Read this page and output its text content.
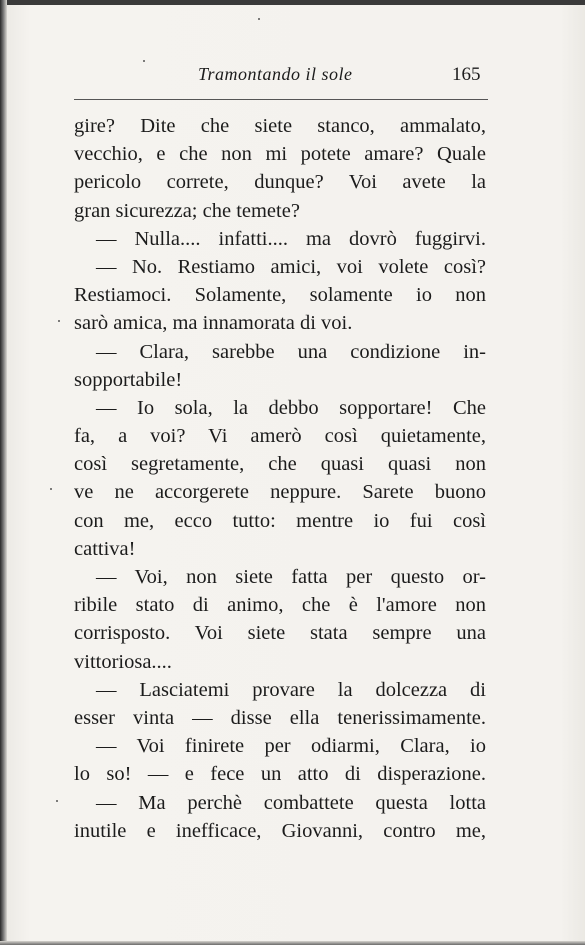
Tramontando il sole	165
gire? Dite che siete stanco, ammalato,
vecchio, e che non mi potete amare? Quale
pericolo correte, dunque? Voi avete la
gran sicurezza; che temete?
— Nulla.... infatti.... ma dovrò fuggirvi.
— No. Restiamo amici, voi volete così?
Restiamoci. Solamente, solamente io non
sarò amica, ma innamorata di voi.
— Clara, sarebbe una condizione in-
sopportabile!
— Io sola, la debbo sopportare! Che
fa, a voi? Vi amerò così quietamente,
così segretamente, che quasi quasi non
ve ne accorgerete neppure. Sarete buono
con me, ecco tutto: mentre io fui così
cattiva!
— Voi, non siete fatta per questo or-
ribile stato di animo, che è l'amore non
corrisposto. Voi siete stata sempre una
vittoriosa....
— Lasciatemi provare la dolcezza di
esser vinta — disse ella tenerissimamente.
— Voi finirete per odiarmi, Clara, io
lo so! — e fece un atto di disperazione.
— Ma perchè combattete questa lotta
inutile e inefficace, Giovanni, contro me,
